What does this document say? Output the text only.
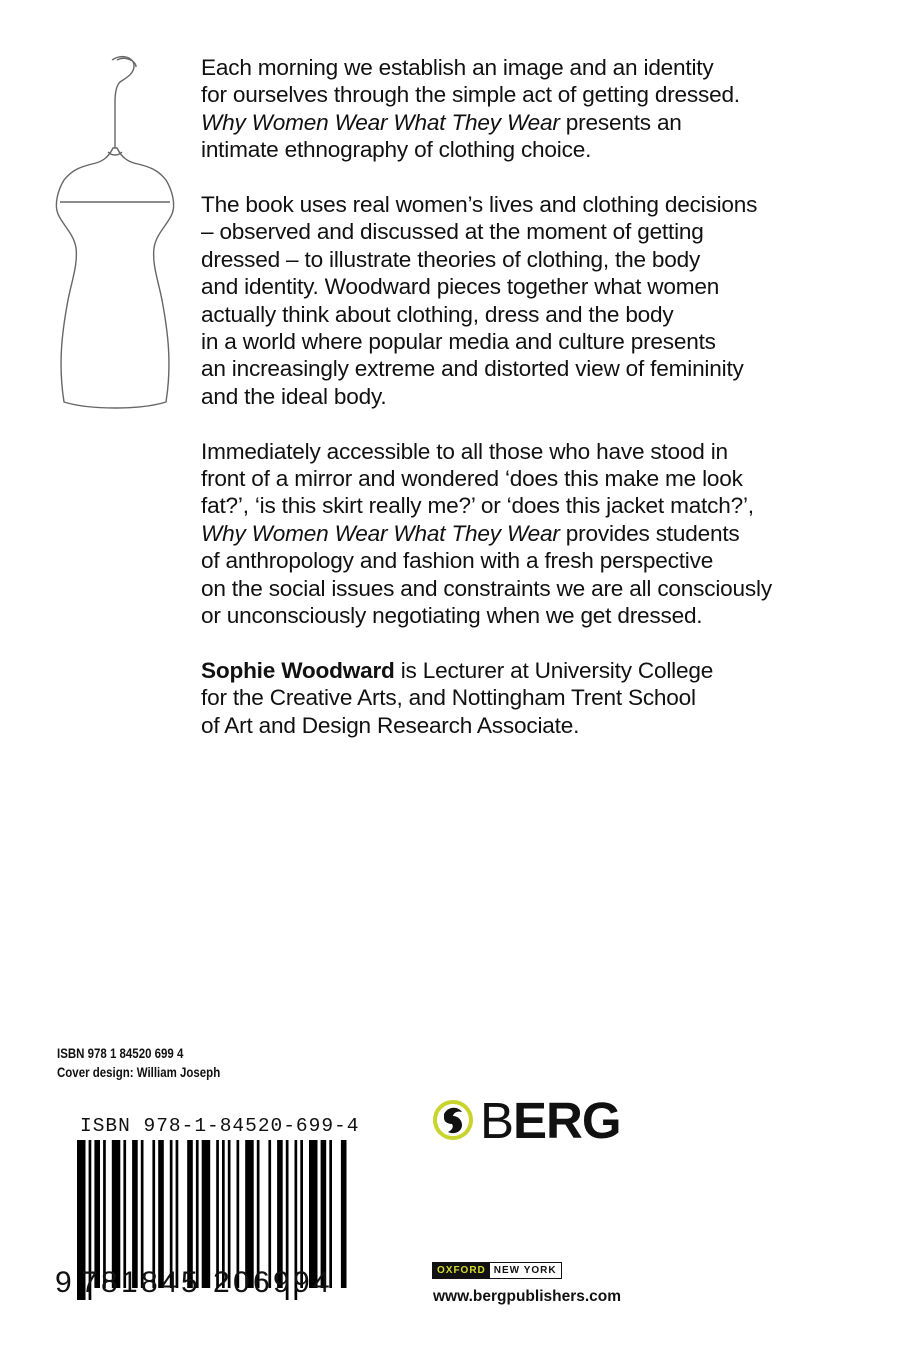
Each morning we establish an image and an identity
for ourselves through the simple act of getting dressed.
Why Women Wear What They Wear presents an
intimate ethnography of clothing choice.

The book uses real women’s lives and clothing decisions
– observed and discussed at the moment of getting
dressed – to illustrate theories of clothing, the body
and identity. Woodward pieces together what women
actually think about clothing, dress and the body
in a world where popular media and culture presents
an increasingly extreme and distorted view of femininity
and the ideal body.

Immediately accessible to all those who have stood in
front of a mirror and wondered ‘does this make me look
fat?’, ‘is this skirt really me?’ or ‘does this jacket match?’,
Why Women Wear What They Wear provides students
of anthropology and fashion with a fresh perspective
on the social issues and constraints we are all consciously
or unconsciously negotiating when we get dressed.

Sophie Woodward is Lecturer at University College
for the Creative Arts, and Nottingham Trent School
of Art and Design Research Associate.

ISBN 978 1 84520 699 4
Cover design: William Joseph
ISBN 978-1-84520-699-4
9 7 8 1 8 4 5 2 0 6 9 9 4
BERG
OXFORD NEW YORK
www.bergpublishers.com
